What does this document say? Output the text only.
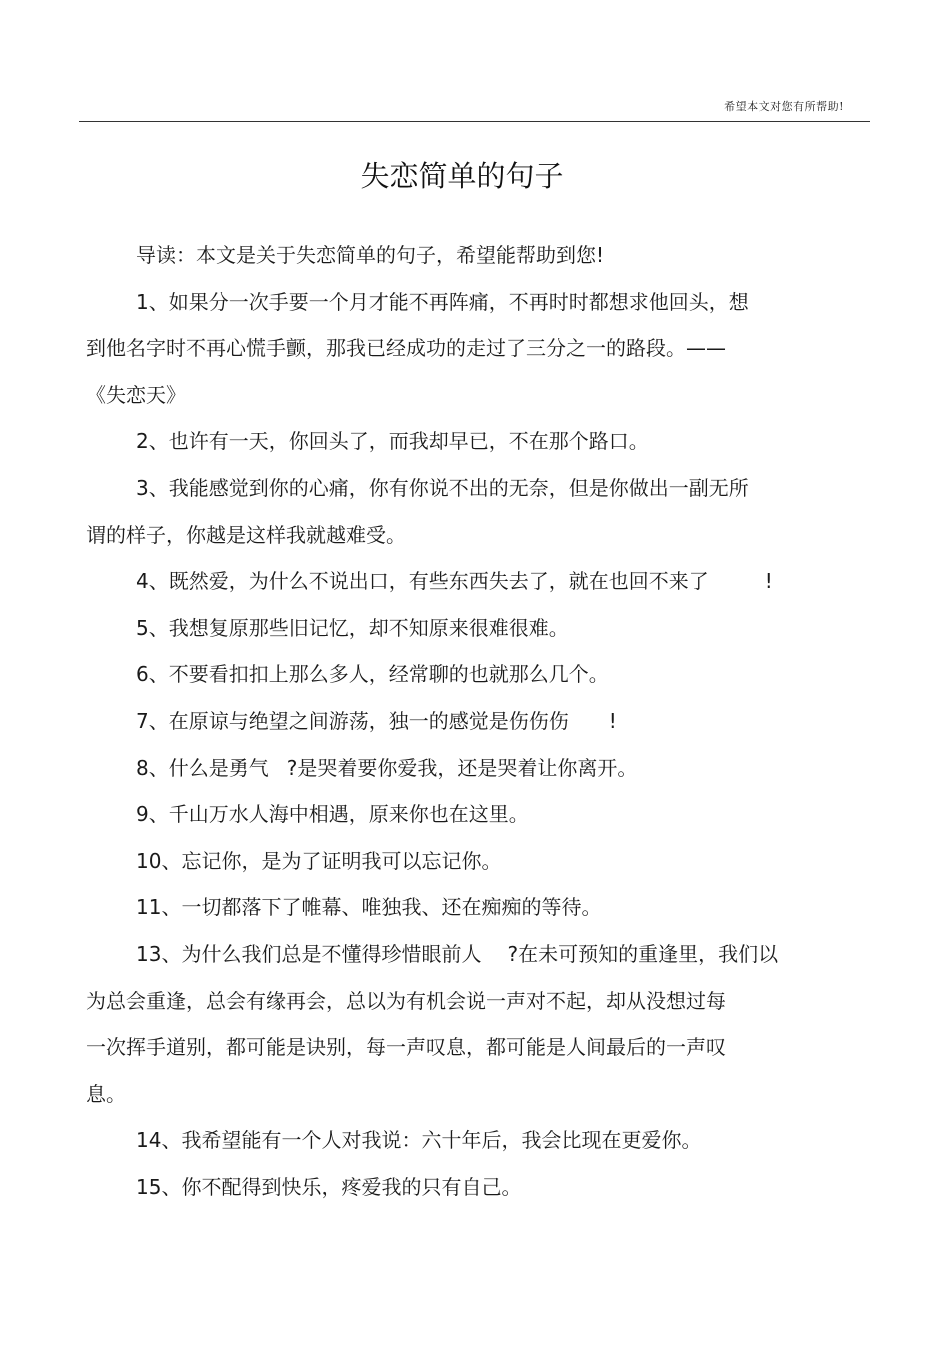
希望本文对您有所帮助!
失恋简单的句子

导读：本文是关于失恋简单的句子，希望能帮助到您!

1、如果分一次手要一个月才能不再阵痛，不再时时都想求他回头，想

到他名字时不再心慌手颤，那我已经成功的走过了三分之一的路段。——

《失恋天》

2、也许有一天，你回头了，而我却早已，不在那个路口。

3、我能感觉到你的心痛，你有你说不出的无奈，但是你做出一副无所

谓的样子，你越是这样我就越难受。

4、既然爱，为什么不说出口，有些东西失去了，就在也回不来了	!

5、我想复原那些旧记忆，却不知原来很难很难。

6、不要看扣扣上那么多人，经常聊的也就那么几个。

7、在原谅与绝望之间游荡，独一的感觉是伤伤伤 !

8、什么是勇气 ?是哭着要你爱我，还是哭着让你离开。

9、千山万水人海中相遇，原来你也在这里。

10、忘记你，是为了证明我可以忘记你。

11、一切都落下了帷幕、唯独我、还在痴痴的等待。

13、为什么我们总是不懂得珍惜眼前人 ?在未可预知的重逢里，我们以

为总会重逢，总会有缘再会，总以为有机会说一声对不起，却从没想过每

一次挥手道别，都可能是诀别，每一声叹息，都可能是人间最后的一声叹

息。

14、我希望能有一个人对我说：六十年后，我会比现在更爱你。

15、你不配得到快乐，疼爱我的只有自己。
